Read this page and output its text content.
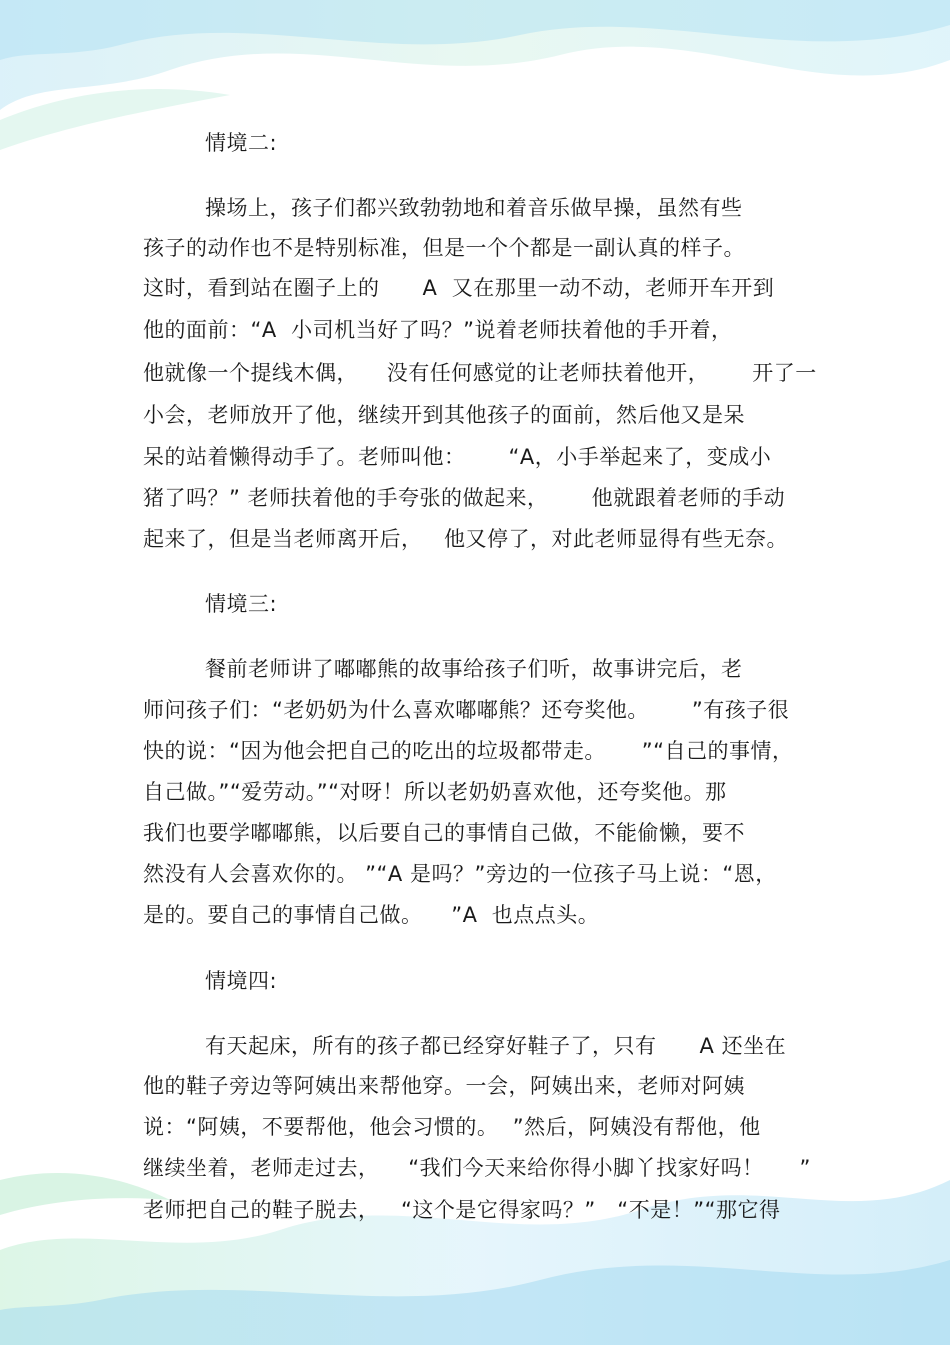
情境二:
操场上，孩子们都兴致勃勃地和着音乐做早操，虽然有些
孩子的动作也不是特别标准，但是一个个都是一副认真的样子。
这时，看到站在圈子上的      A  又在那里一动不动，老师开车开到
他的面前：“A  小司机当好了吗？”说着老师扶着他的手开着，
他就像一个提线木偶，    没有任何感觉的让老师扶着他开，      开了一
小会，老师放开了他，继续开到其他孩子的面前，然后他又是呆
呆的站着懒得动手了。老师叫他：      “A，小手举起来了，变成小
猪了吗？” 老师扶着他的手夸张的做起来，      他就跟着老师的手动
起来了，但是当老师离开后，   他又停了，对此老师显得有些无奈。
情境三:
餐前老师讲了嘟嘟熊的故事给孩子们听，故事讲完后，老
师问孩子们：“老奶奶为什么喜欢嘟嘟熊？还夸奖他。      ”有孩子很
快的说：“因为他会把自己的吃出的垃圾都带走。     ”“自己的事情，
自己做。”“爱劳动。”“对呀！所以老奶奶喜欢他，还夸奖他。那
我们也要学嘟嘟熊，以后要自己的事情自己做，不能偷懒，要不
然没有人会喜欢你的。 ”“A 是吗？”旁边的一位孩子马上说：“恩，
是的。要自己的事情自己做。    ”A  也点点头。
情境四:
有天起床，所有的孩子都已经穿好鞋子了，只有      A 还坐在
他的鞋子旁边等阿姨出来帮他穿。一会，阿姨出来，老师对阿姨
说：“阿姨，不要帮他，他会习惯的。  ”然后，阿姨没有帮他，他
继续坐着，老师走过去，    “我们今天来给你得小脚丫找家好吗！     ”
老师把自己的鞋子脱去，   “这个是它得家吗？”   “不是！”“那它得
